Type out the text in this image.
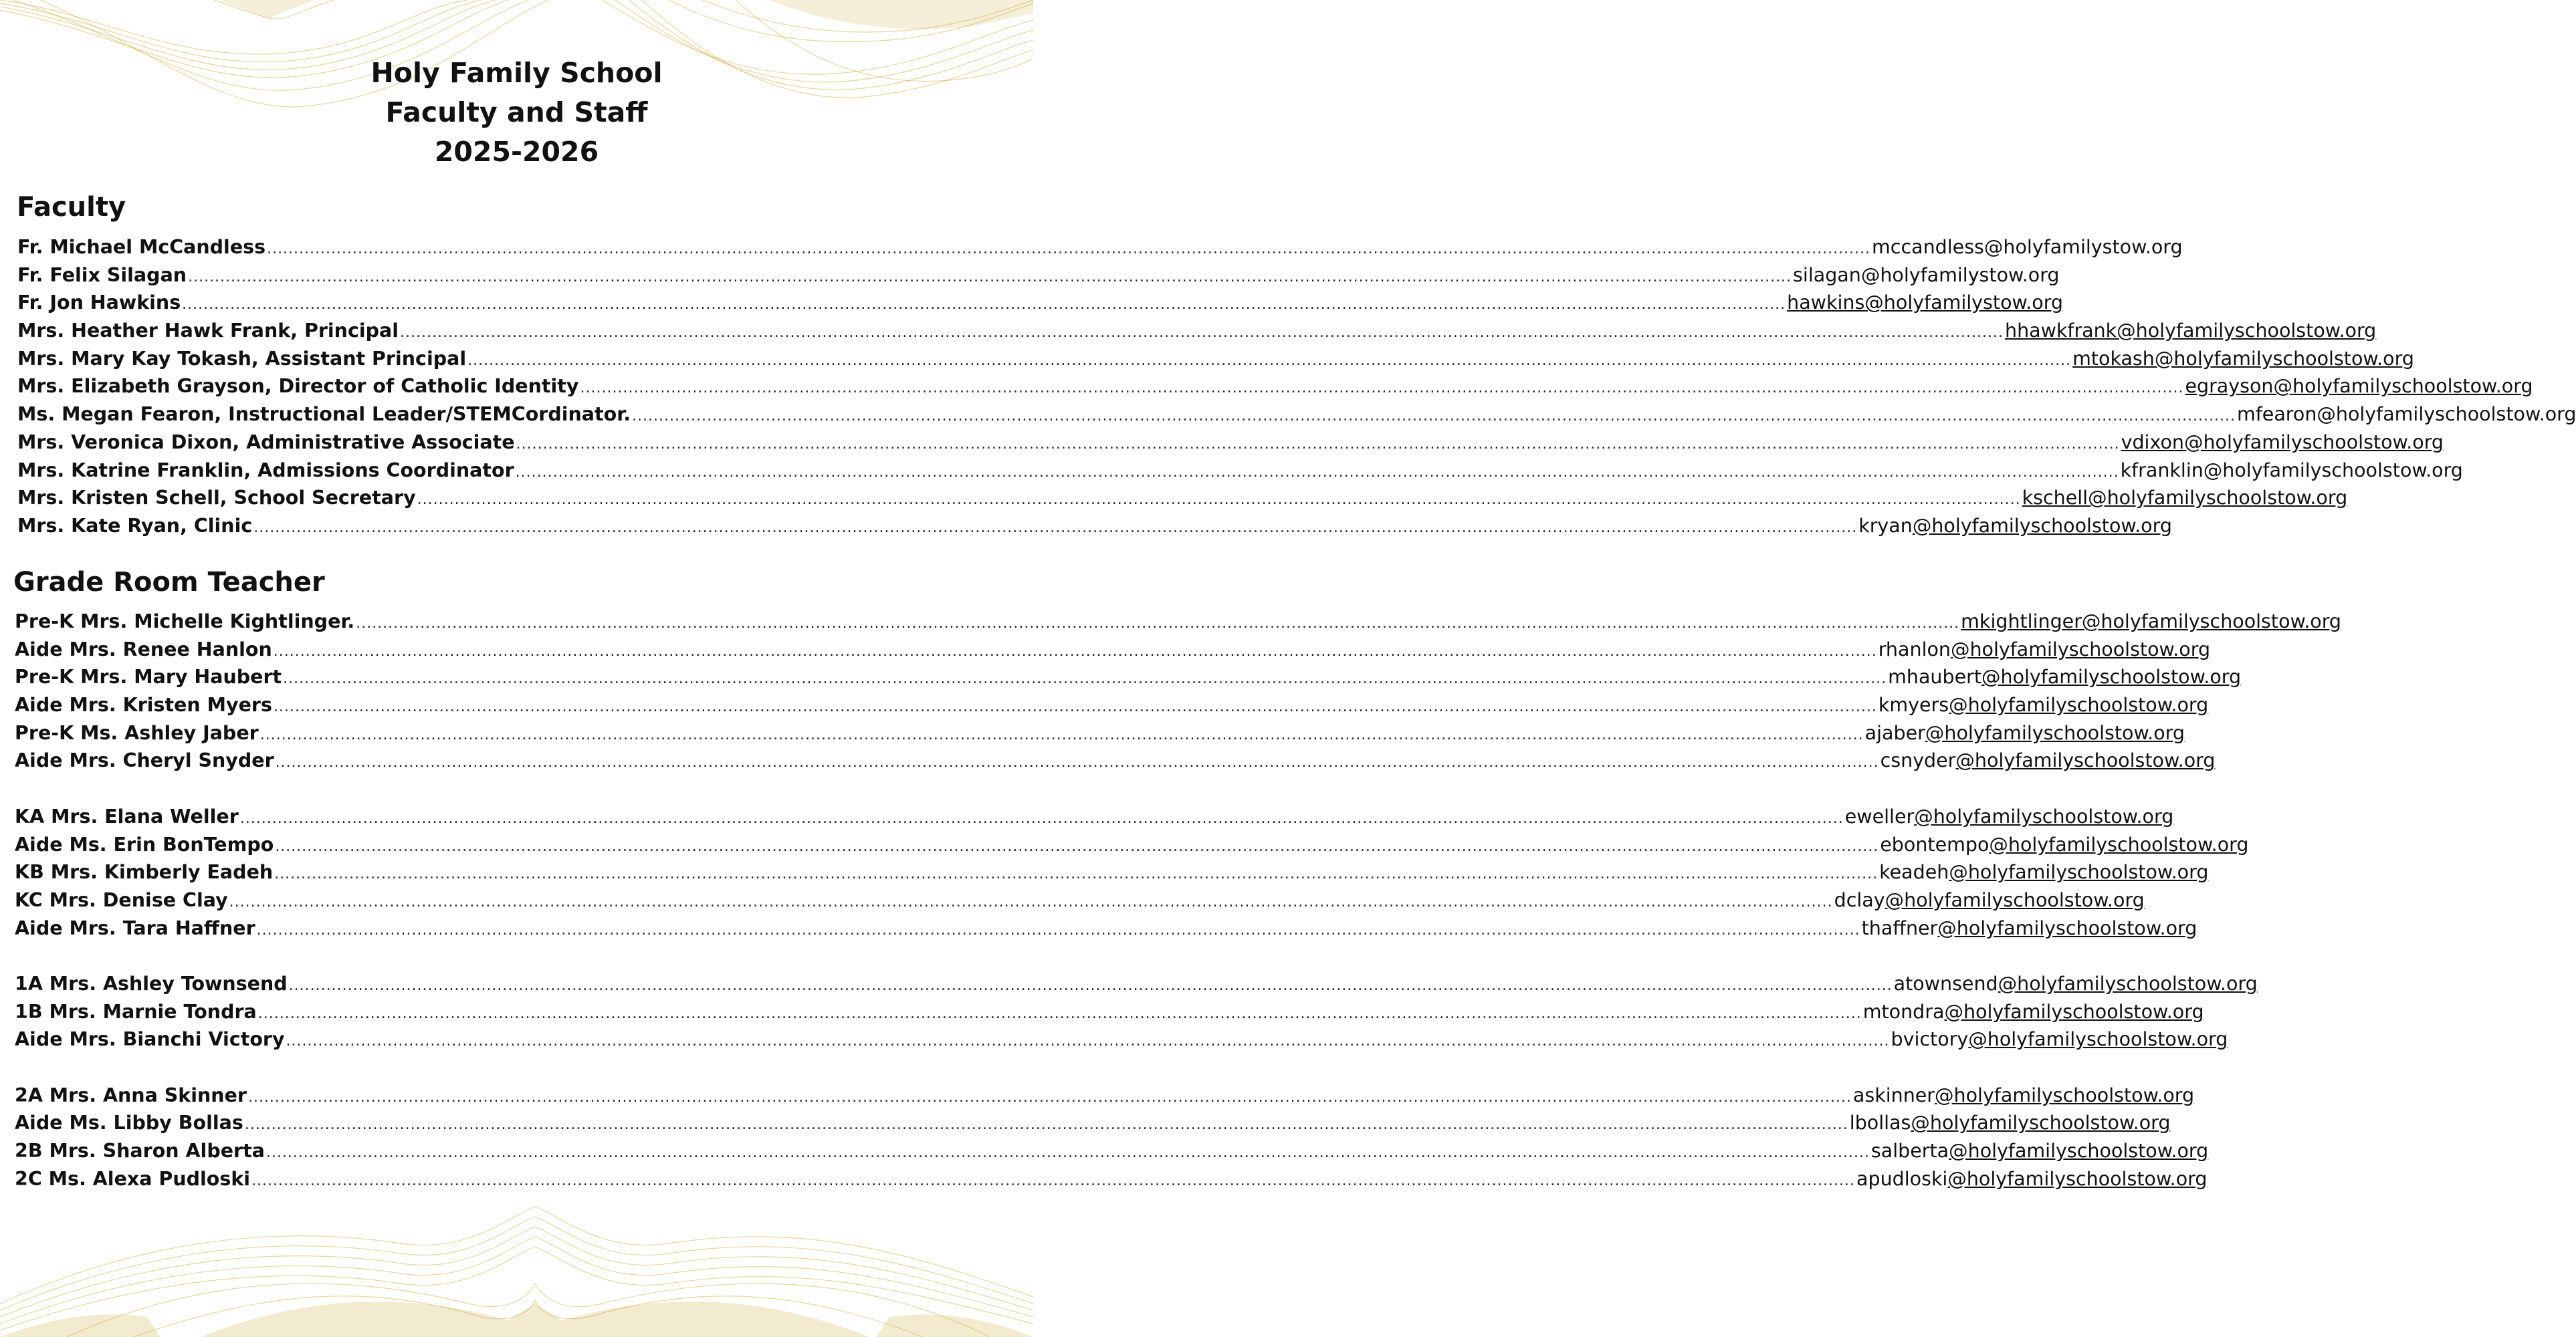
Holy Family School
Faculty and Staff
2025-2026
Faculty
Fr. Michael McCandless ............................................................................................................................................................................................................................................................................................................ mccandless@holyfamilystow.org
Fr. Felix Silagan ............................................................................................................................................................................................................................................................................................................ silagan@holyfamilystow.org
Fr. Jon Hawkins ............................................................................................................................................................................................................................................................................................................ hawkins@holyfamilystow.org
Mrs. Heather Hawk Frank, Principal ............................................................................................................................................................................................................................................................................................................ hhawkfrank@holyfamilyschoolstow.org
Mrs. Mary Kay Tokash, Assistant Principal ............................................................................................................................................................................................................................................................................................................ mtokash@holyfamilyschoolstow.org
Mrs. Elizabeth Grayson, Director of Catholic Identity ............................................................................................................................................................................................................................................................................................................ egrayson@holyfamilyschoolstow.org
Ms. Megan Fearon, Instructional Leader/STEMCordinator. ............................................................................................................................................................................................................................................................................................................ mfearon@holyfamilyschoolstow.org
Mrs. Veronica Dixon, Administrative Associate ............................................................................................................................................................................................................................................................................................................ vdixon@holyfamilyschoolstow.org
Mrs. Katrine Franklin, Admissions Coordinator ............................................................................................................................................................................................................................................................................................................ kfranklin@holyfamilyschoolstow.org
Mrs. Kristen Schell, School Secretary ............................................................................................................................................................................................................................................................................................................ kschell@holyfamilyschoolstow.org
Mrs. Kate Ryan, Clinic ............................................................................................................................................................................................................................................................................................................ kryan@holyfamilyschoolstow.org
Grade Room Teacher
Pre-K Mrs. Michelle Kightlinger. ............................................................................................................................................................................................................................................................................................................ mkightlinger@holyfamilyschoolstow.org
Aide Mrs. Renee Hanlon ............................................................................................................................................................................................................................................................................................................ rhanlon@holyfamilyschoolstow.org
Pre-K Mrs. Mary Haubert ............................................................................................................................................................................................................................................................................................................ mhaubert@holyfamilyschoolstow.org
Aide Mrs. Kristen Myers ............................................................................................................................................................................................................................................................................................................ kmyers@holyfamilyschoolstow.org
Pre-K Ms. Ashley Jaber ............................................................................................................................................................................................................................................................................................................ ajaber@holyfamilyschoolstow.org
Aide Mrs. Cheryl Snyder ............................................................................................................................................................................................................................................................................................................ csnyder@holyfamilyschoolstow.org
KA Mrs. Elana Weller ............................................................................................................................................................................................................................................................................................................ eweller@holyfamilyschoolstow.org
Aide Ms. Erin BonTempo ............................................................................................................................................................................................................................................................................................................ ebontempo@holyfamilyschoolstow.org
KB Mrs. Kimberly Eadeh ............................................................................................................................................................................................................................................................................................................ keadeh@holyfamilyschoolstow.org
KC Mrs. Denise Clay ............................................................................................................................................................................................................................................................................................................ dclay@holyfamilyschoolstow.org
Aide Mrs. Tara Haffner ............................................................................................................................................................................................................................................................................................................ thaffner@holyfamilyschoolstow.org
1A Mrs. Ashley Townsend ............................................................................................................................................................................................................................................................................................................ atownsend@holyfamilyschoolstow.org
1B Mrs. Marnie Tondra ............................................................................................................................................................................................................................................................................................................ mtondra@holyfamilyschoolstow.org
Aide Mrs. Bianchi Victory ............................................................................................................................................................................................................................................................................................................ bvictory@holyfamilyschoolstow.org
2A Mrs. Anna Skinner ............................................................................................................................................................................................................................................................................................................ askinner@holyfamilyschoolstow.org
Aide Ms. Libby Bollas ............................................................................................................................................................................................................................................................................................................ lbollas@holyfamilyschoolstow.org
2B Mrs. Sharon Alberta ............................................................................................................................................................................................................................................................................................................ salberta@holyfamilyschoolstow.org
2C Ms. Alexa Pudloski ............................................................................................................................................................................................................................................................................................................ apudloski@holyfamilyschoolstow.org
